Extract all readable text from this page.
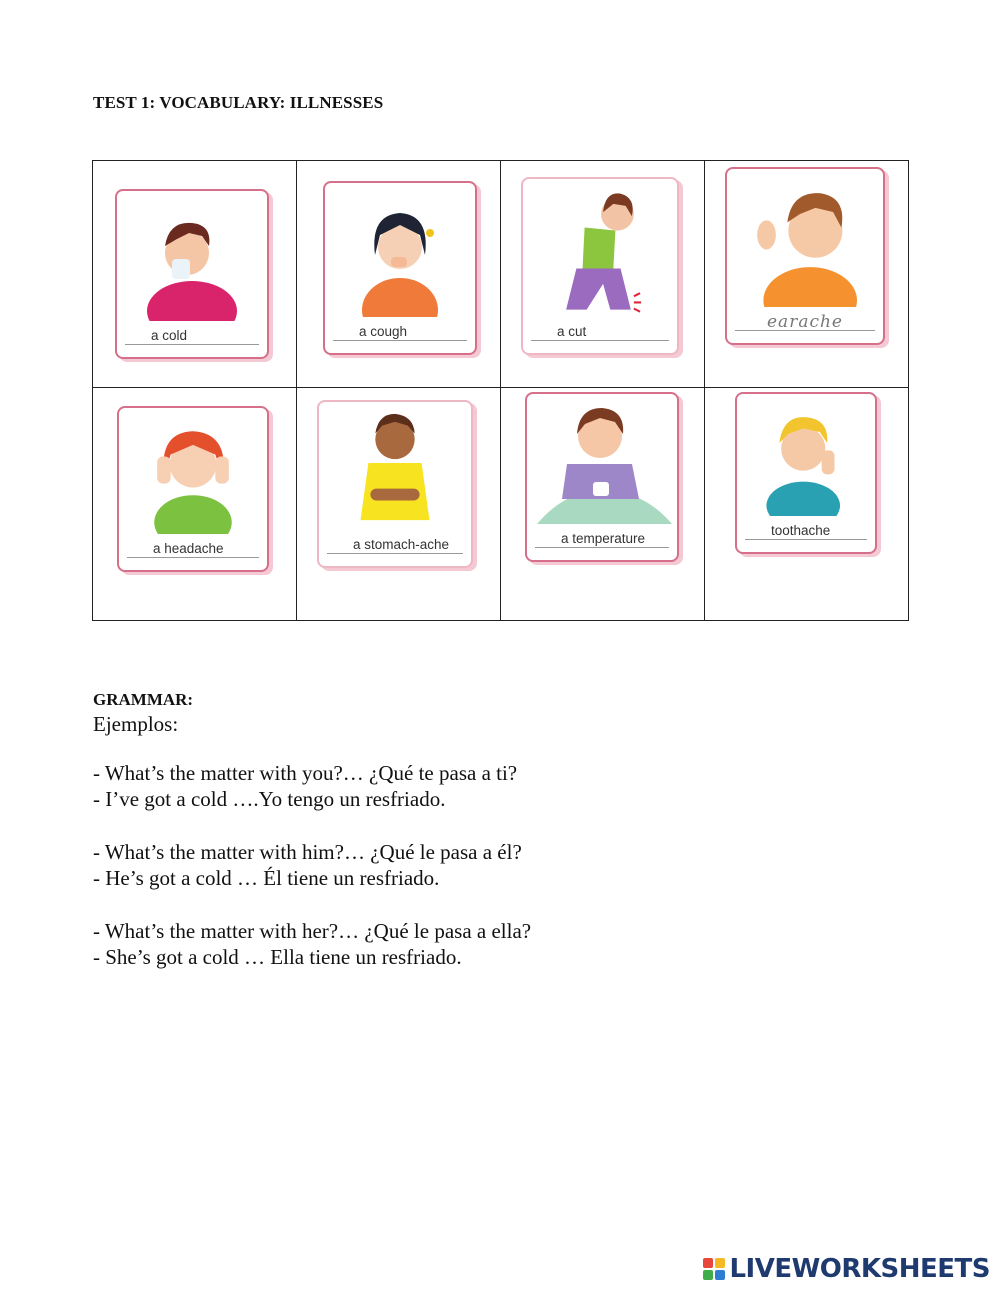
TEST 1: VOCABULARY: ILLNESSES
a cold	a cough	a cut	earache

a headache	a stomach-ache	a temperature	toothache
GRAMMAR:
Ejemplos:
- What’s the matter with you?… ¿Qué te pasa a ti?
- I’ve got a cold ….Yo tengo un resfriado.
- What’s the matter with him?… ¿Qué le pasa a él?
- He’s got a cold … Él tiene un resfriado.
- What’s the matter with her?… ¿Qué le pasa a ella?
- She’s got a cold … Ella tiene un resfriado.
LIVEWORKSHEETS
